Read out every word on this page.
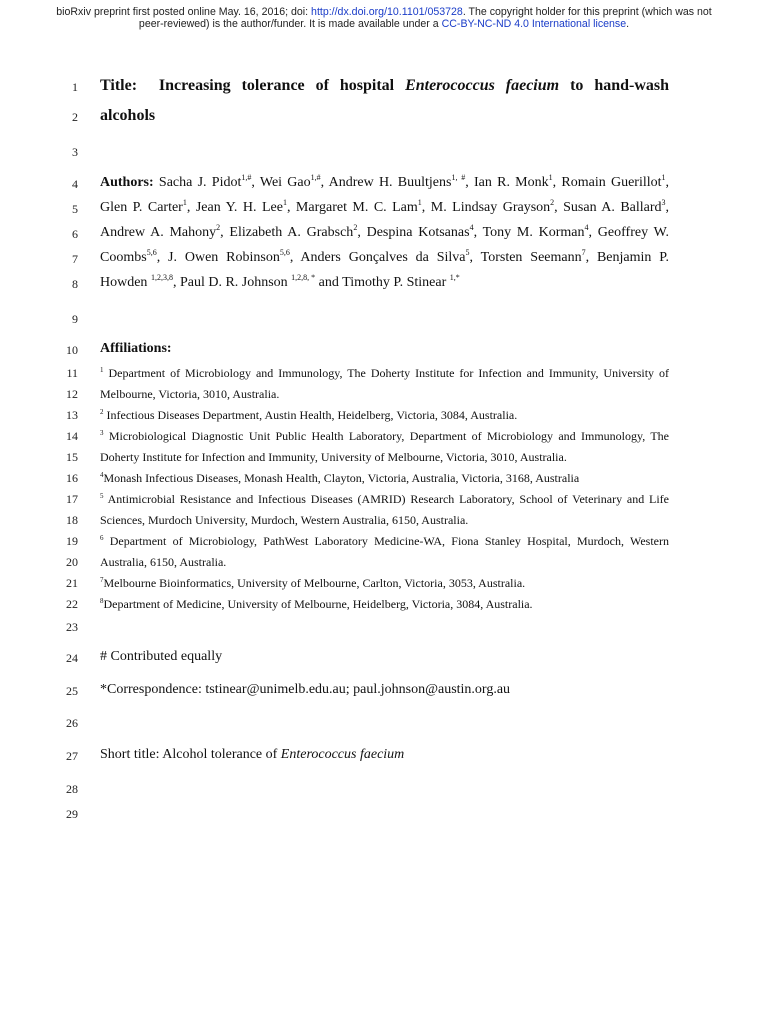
bioRxiv preprint first posted online May. 16, 2016; doi: http://dx.doi.org/10.1101/053728. The copyright holder for this preprint (which was not
peer-reviewed) is the author/funder. It is made available under a CC-BY-NC-ND 4.0 International license.
1
2
3
4
5
6
7
8
9
10
11
12
13
14
15
16
17
18
19
20
21
22
23
24
25
26
27
28
29
Title: Increasing tolerance of hospital Enterococcus faecium to hand-wash
alcohols
Authors: Sacha J. Pidot$^{1,\#}$, Wei Gao$^{1,\#}$, Andrew H. Buultjens$^{1, \#}$, Ian R. Monk$^1$, Romain Guerillot$^1$,
Glen P. Carter$^1$, Jean Y. H. Lee$^1$, Margaret M. C. Lam$^1$, M. Lindsay Grayson$^2$, Susan A. Ballard$^3$,
Andrew A. Mahony$^2$, Elizabeth A. Grabsch$^2$, Despina Kotsanas$^4$, Tony M. Korman$^4$, Geoffrey W.
Coombs$^{5,6}$, J. Owen Robinson$^{5,6}$, Anders Gonçalves da Silva$^5$, Torsten Seemann$^7$, Benjamin P.
Howden $^{1,2,3,8}$, Paul D. R. Johnson $^{1,2,8, *}$ and Timothy P. Stinear $^{1,*}$
Affiliations:
$^1$ Department of Microbiology and Immunology, The Doherty Institute for Infection and Immunity, University of
Melbourne, Victoria, 3010, Australia.
$^2$ Infectious Diseases Department, Austin Health, Heidelberg, Victoria, 3084, Australia.
$^3$ Microbiological Diagnostic Unit Public Health Laboratory, Department of Microbiology and Immunology, The
Doherty Institute for Infection and Immunity, University of Melbourne, Victoria, 3010, Australia.
$^4$Monash Infectious Diseases, Monash Health, Clayton, Victoria, Australia, Victoria, 3168, Australia
$^5$ Antimicrobial Resistance and Infectious Diseases (AMRID) Research Laboratory, School of Veterinary and Life
Sciences, Murdoch University, Murdoch, Western Australia, 6150, Australia.
$^6$ Department of Microbiology, PathWest Laboratory Medicine-WA, Fiona Stanley Hospital, Murdoch, Western
Australia, 6150, Australia.
$^7$Melbourne Bioinformatics, University of Melbourne, Carlton, Victoria, 3053, Australia.
$^8$Department of Medicine, University of Melbourne, Heidelberg, Victoria, 3084, Australia.
# Contributed equally
*Correspondence: tstinear@unimelb.edu.au; paul.johnson@austin.org.au
Short title: Alcohol tolerance of Enterococcus faecium
